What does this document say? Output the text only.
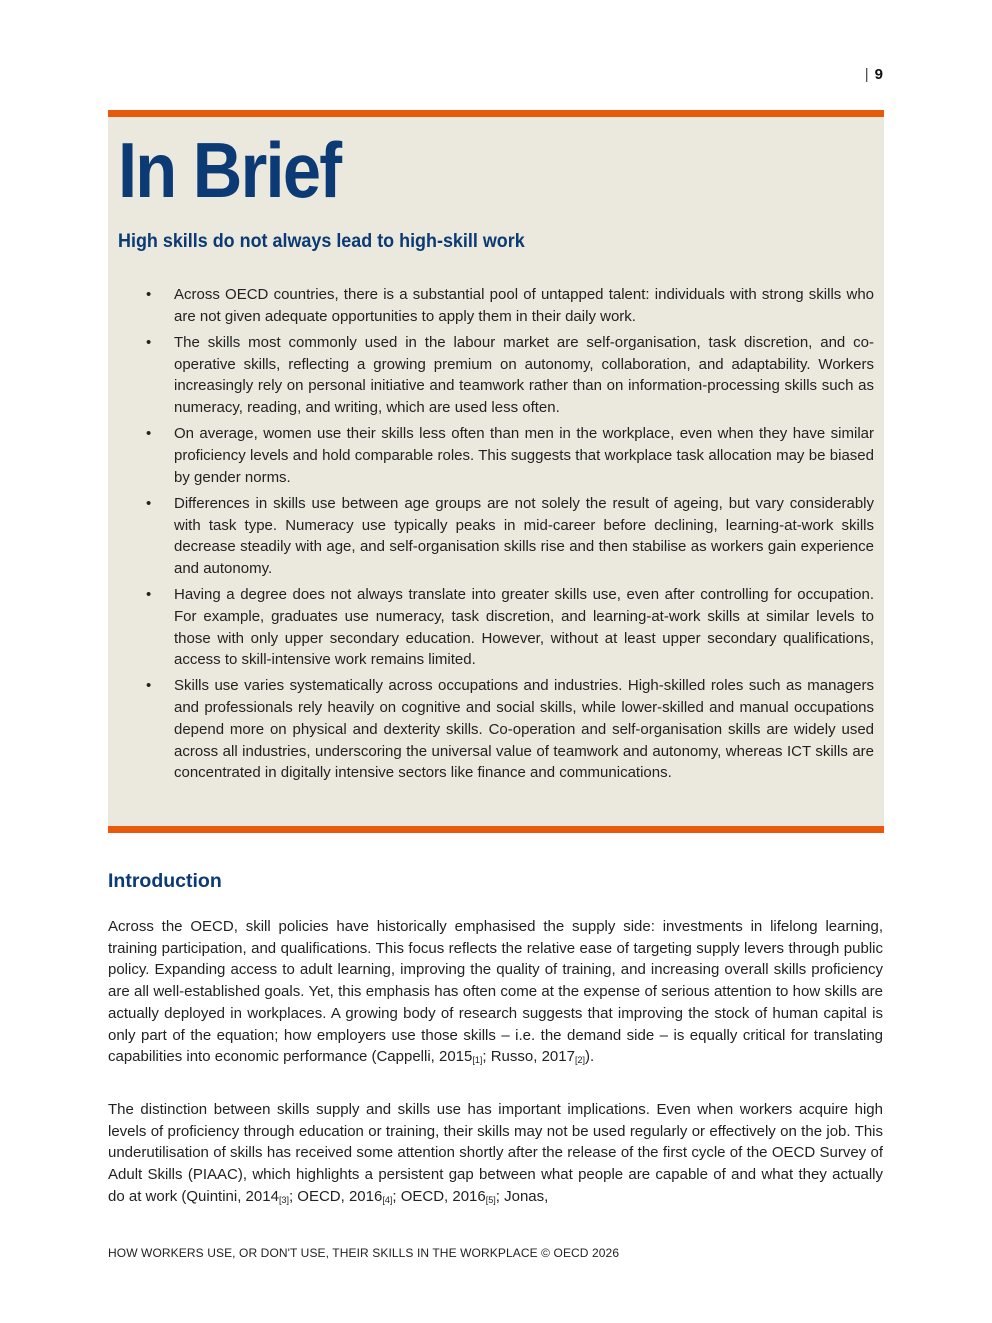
| 9
In Brief
High skills do not always lead to high-skill work
• Across OECD countries, there is a substantial pool of untapped talent: individuals with strong skills who are not given adequate opportunities to apply them in their daily work.
• The skills most commonly used in the labour market are self-organisation, task discretion, and co-operative skills, reflecting a growing premium on autonomy, collaboration, and adaptability. Workers increasingly rely on personal initiative and teamwork rather than on information-processing skills such as numeracy, reading, and writing, which are used less often.
• On average, women use their skills less often than men in the workplace, even when they have similar proficiency levels and hold comparable roles. This suggests that workplace task allocation may be biased by gender norms.
• Differences in skills use between age groups are not solely the result of ageing, but vary considerably with task type. Numeracy use typically peaks in mid-career before declining, learning-at-work skills decrease steadily with age, and self-organisation skills rise and then stabilise as workers gain experience and autonomy.
• Having a degree does not always translate into greater skills use, even after controlling for occupation. For example, graduates use numeracy, task discretion, and learning-at-work skills at similar levels to those with only upper secondary education. However, without at least upper secondary qualifications, access to skill-intensive work remains limited.
• Skills use varies systematically across occupations and industries. High-skilled roles such as managers and professionals rely heavily on cognitive and social skills, while lower-skilled and manual occupations depend more on physical and dexterity skills. Co-operation and self-organisation skills are widely used across all industries, underscoring the universal value of teamwork and autonomy, whereas ICT skills are concentrated in digitally intensive sectors like finance and communications.
Introduction

Across the OECD, skill policies have historically emphasised the supply side: investments in lifelong learning, training participation, and qualifications. This focus reflects the relative ease of targeting supply levers through public policy. Expanding access to adult learning, improving the quality of training, and increasing overall skills proficiency are all well-established goals. Yet, this emphasis has often come at the expense of serious attention to how skills are actually deployed in workplaces. A growing body of research suggests that improving the stock of human capital is only part of the equation; how employers use those skills – i.e. the demand side – is equally critical for translating capabilities into economic performance (Cappelli, 2015[1]; Russo, 2017[2]).

The distinction between skills supply and skills use has important implications. Even when workers acquire high levels of proficiency through education or training, their skills may not be used regularly or effectively on the job. This underutilisation of skills has received some attention shortly after the release of the first cycle of the OECD Survey of Adult Skills (PIAAC), which highlights a persistent gap between what people are capable of and what they actually do at work (Quintini, 2014[3]; OECD, 2016[4]; OECD, 2016[5]; Jonas,

HOW WORKERS USE, OR DON'T USE, THEIR SKILLS IN THE WORKPLACE © OECD 2026
